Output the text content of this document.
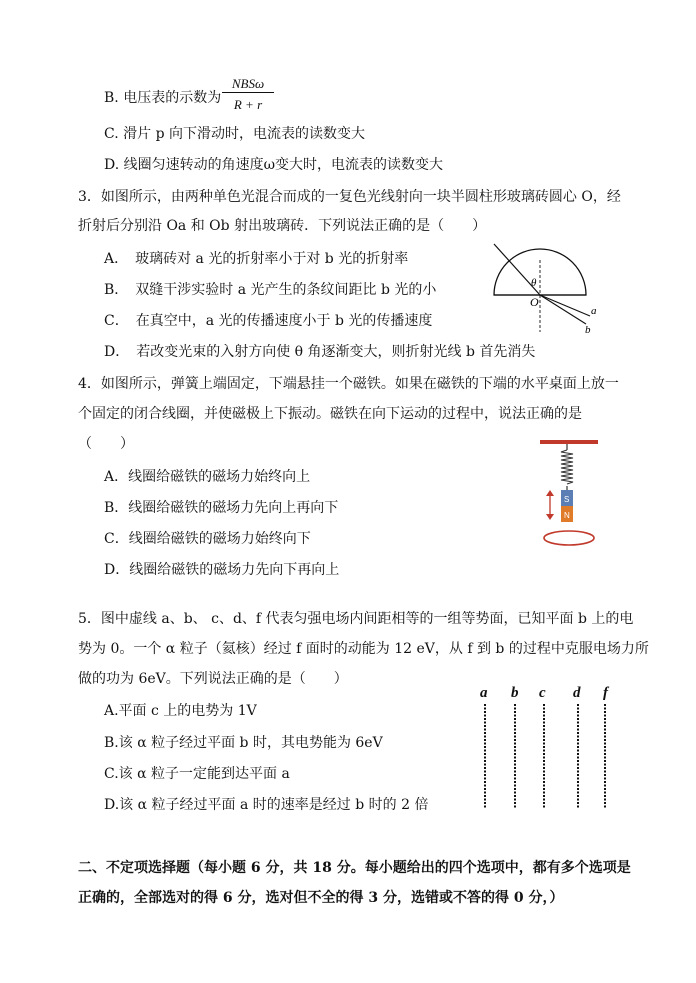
B. 电压表的示数为
NBSω
R + r
C. 滑片 p 向下滑动时，电流表的读数变大
D. 线圈匀速转动的角速度ω变大时，电流表的读数变大
3．如图所示，由两种单色光混合而成的一复色光线射向一块半圆柱形玻璃砖圆心 O，经
折射后分别沿 Oa 和 Ob 射出玻璃砖．下列说法正确的是（　　）
A．　玻璃砖对 a 光的折射率小于对 b 光的折射率
B．　双缝干涉实验时 a 光产生的条纹间距比 b 光的小
C．　在真空中，a 光的传播速度小于 b 光的传播速度
D．　若改变光束的入射方向使 θ 角逐渐变大，则折射光线 b 首先消失
θ
O
a
b
4．如图所示，弹簧上端固定，下端悬挂一个磁铁。如果在磁铁的下端的水平桌面上放一
个固定的闭合线圈，并使磁极上下振动。磁铁在向下运动的过程中，说法正确的是
（　　）
A．线圈给磁铁的磁场力始终向上
B．线圈给磁铁的磁场力先向上再向下
C．线圈给磁铁的磁场力始终向下
D．线圈给磁铁的磁场力先向下再向上
S
N
5．图中虚线 a、b、 c、d、f 代表匀强电场内间距相等的一组等势面，已知平面 b 上的电
势为 0。一个 α 粒子（氦核）经过 f 面时的动能为 12 eV，从 f 到 b 的过程中克服电场力所
做的功为 6eV。下列说法正确的是（　　）
A.平面 c 上的电势为 1V
B.该 α 粒子经过平面 b 时，其电势能为 6eV
C.该 α 粒子一定能到达平面 a
D.该 α 粒子经过平面 a 时的速率是经过 b 时的 2 倍
a b c d f
二、不定项选择题（每小题 6 分，共 18 分。每小题给出的四个选项中，都有多个选项是
正确的，全部选对的得 6 分，选对但不全的得 3 分，选错或不答的得 0 分，）
